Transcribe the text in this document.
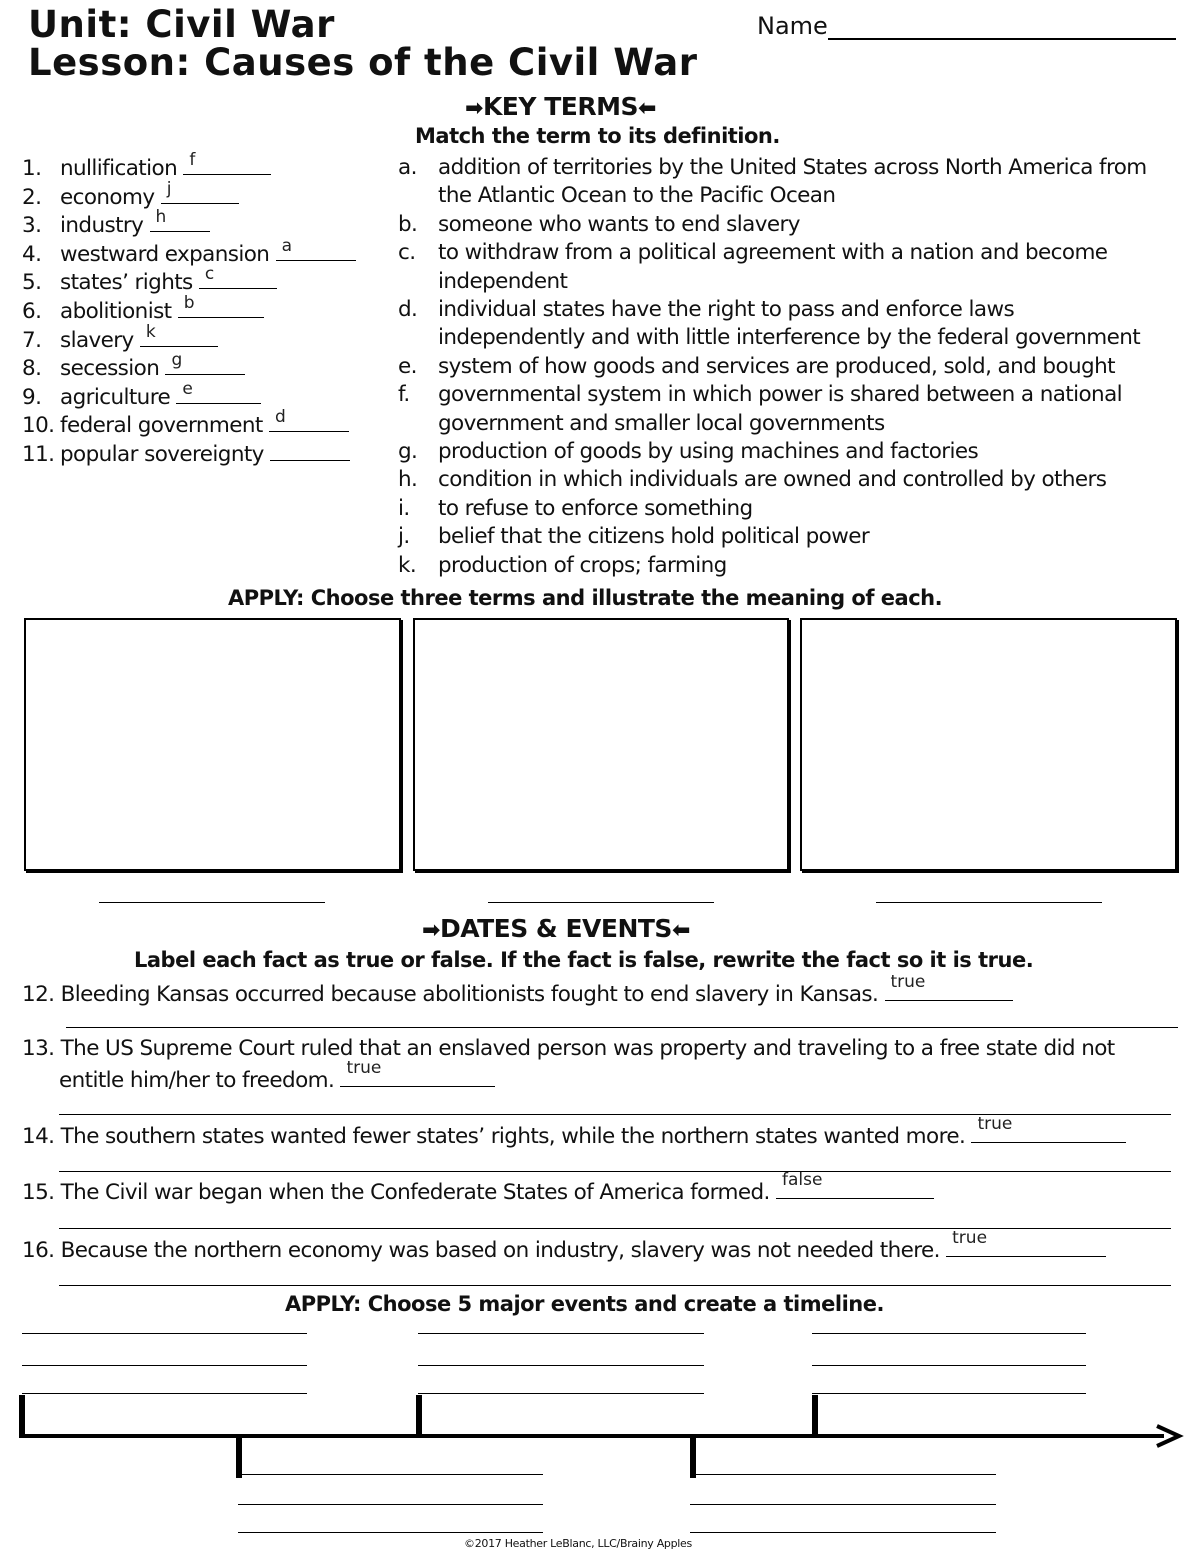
Unit: Civil War
Lesson: Causes of the Civil War
Name
➡KEY TERMS⬅
Match the term to its definition.
1. nullification f
2. economy j
3. industry h
4. westward expansion a
5. states’ rights c
6. abolitionist b
7. slavery k
8. secession g
9. agriculture e
10. federal government d
11. popular sovereignty
a. addition of territories by the United States across North America from
the Atlantic Ocean to the Pacific Ocean
b. someone who wants to end slavery
c. to withdraw from a political agreement with a nation and become
independent
d. individual states have the right to pass and enforce laws
independently and with little interference by the federal government
e. system of how goods and services are produced, sold, and bought
f. governmental system in which power is shared between a national
government and smaller local governments
g. production of goods by using machines and factories
h. condition in which individuals are owned and controlled by others
i. to refuse to enforce something
j. belief that the citizens hold political power
k. production of crops; farming
APPLY: Choose three terms and illustrate the meaning of each.
➡DATES & EVENTS⬅
Label each fact as true or false. If the fact is false, rewrite the fact so it is true.
12. Bleeding Kansas occurred because abolitionists fought to end slavery in Kansas. true
13. The US Supreme Court ruled that an enslaved person was property and traveling to a free state did not
entitle him/her to freedom. true
14. The southern states wanted fewer states’ rights, while the northern states wanted more. true
15. The Civil war began when the Confederate States of America formed. false
16. Because the northern economy was based on industry, slavery was not needed there. true
APPLY: Choose 5 major events and create a timeline.
©2017 Heather LeBlanc, LLC/Brainy Apples
